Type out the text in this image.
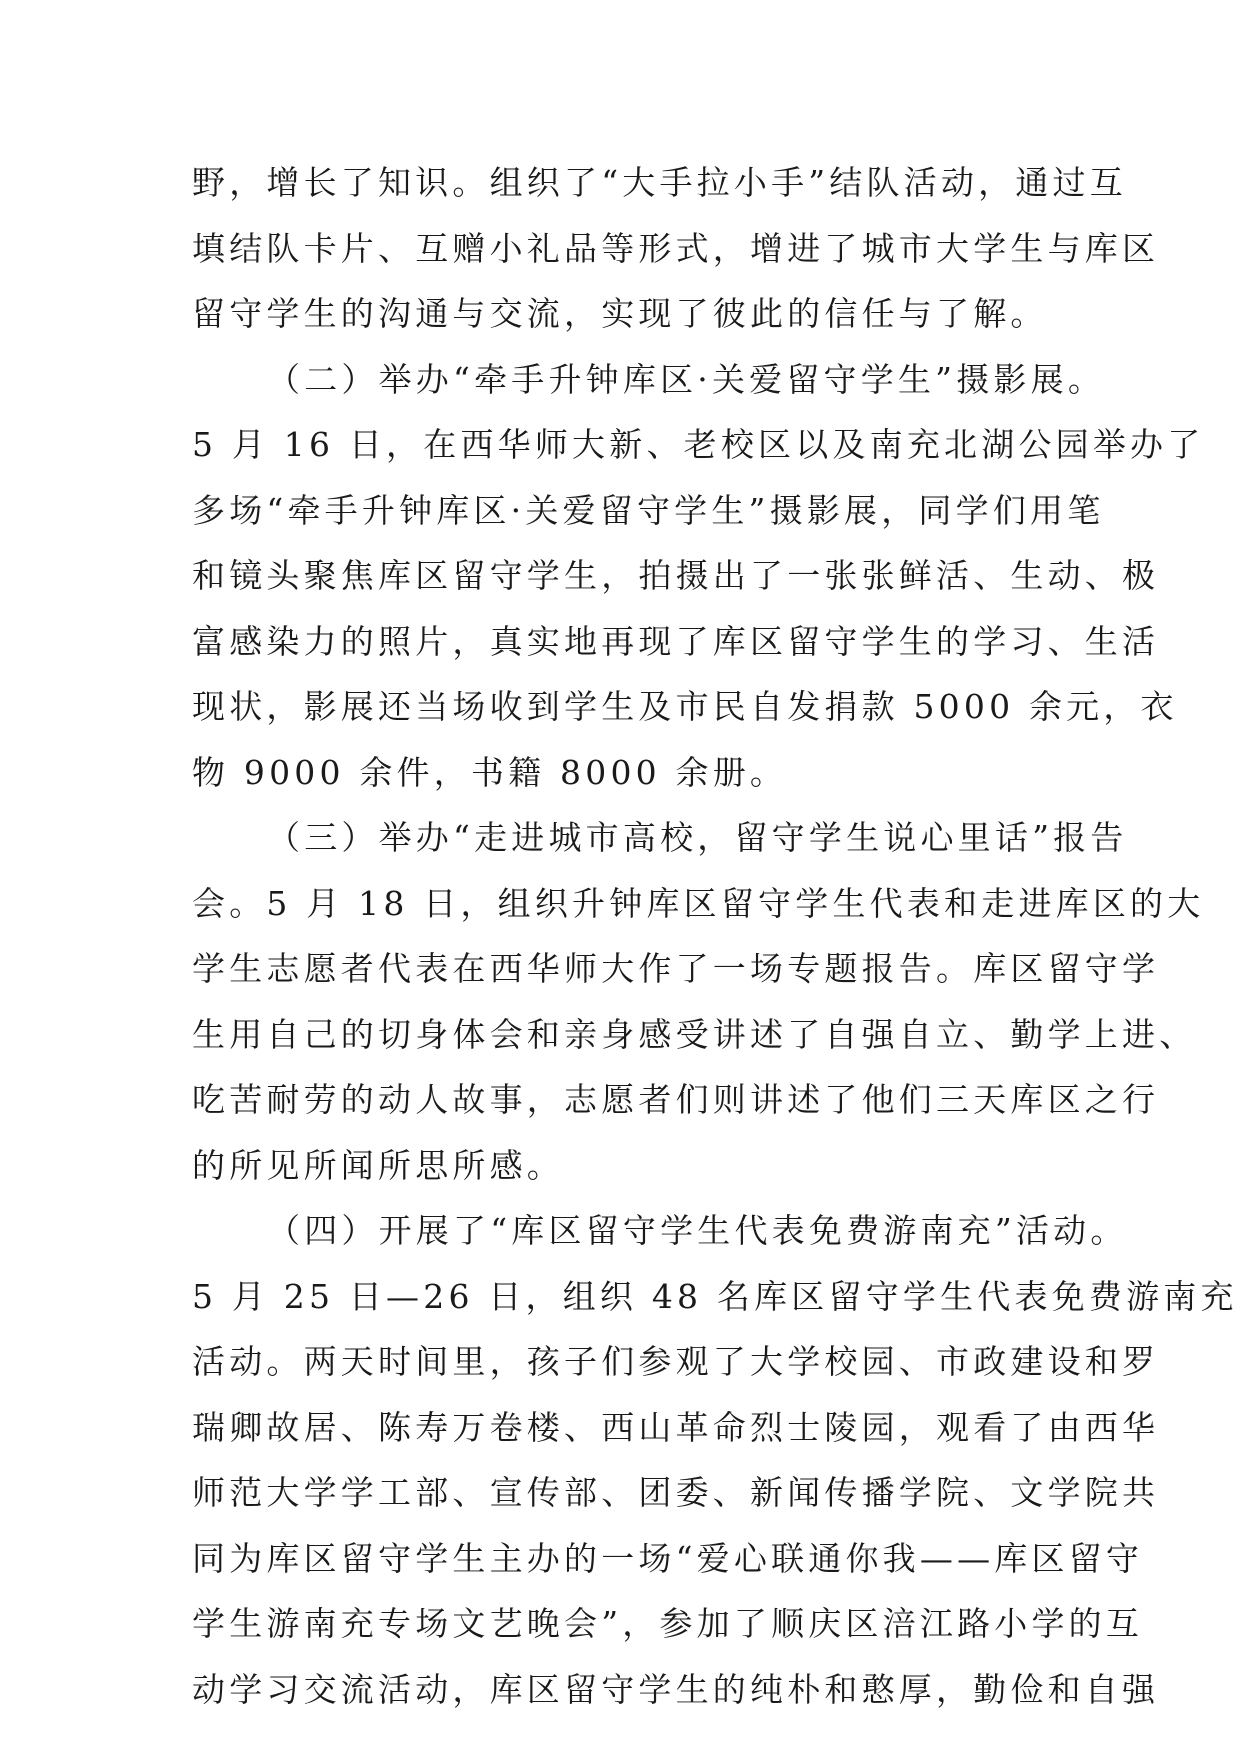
野，增长了知识。组织了“大手拉小手”结队活动，通过互
填结队卡片、互赠小礼品等形式，增进了城市大学生与库区
留守学生的沟通与交流，实现了彼此的信任与了解。
（二）举办“牵手升钟库区·关爱留守学生”摄影展。
5 月 16 日，在西华师大新、老校区以及南充北湖公园举办了
多场“牵手升钟库区·关爱留守学生”摄影展，同学们用笔
和镜头聚焦库区留守学生，拍摄出了一张张鲜活、生动、极
富感染力的照片，真实地再现了库区留守学生的学习、生活
现状，影展还当场收到学生及市民自发捐款 5000 余元，衣
物 9000 余件，书籍 8000 余册。
（三）举办“走进城市高校，留守学生说心里话”报告
会。5 月 18 日，组织升钟库区留守学生代表和走进库区的大
学生志愿者代表在西华师大作了一场专题报告。库区留守学
生用自己的切身体会和亲身感受讲述了自强自立、勤学上进、
吃苦耐劳的动人故事，志愿者们则讲述了他们三天库区之行
的所见所闻所思所感。
（四）开展了“库区留守学生代表免费游南充”活动。
5 月 25 日—26 日，组织 48 名库区留守学生代表免费游南充
活动。两天时间里，孩子们参观了大学校园、市政建设和罗
瑞卿故居、陈寿万卷楼、西山革命烈士陵园，观看了由西华
师范大学学工部、宣传部、团委、新闻传播学院、文学院共
同为库区留守学生主办的一场“爱心联通你我——库区留守
学生游南充专场文艺晚会”，参加了顺庆区涪江路小学的互
动学习交流活动，库区留守学生的纯朴和憨厚，勤俭和自强
